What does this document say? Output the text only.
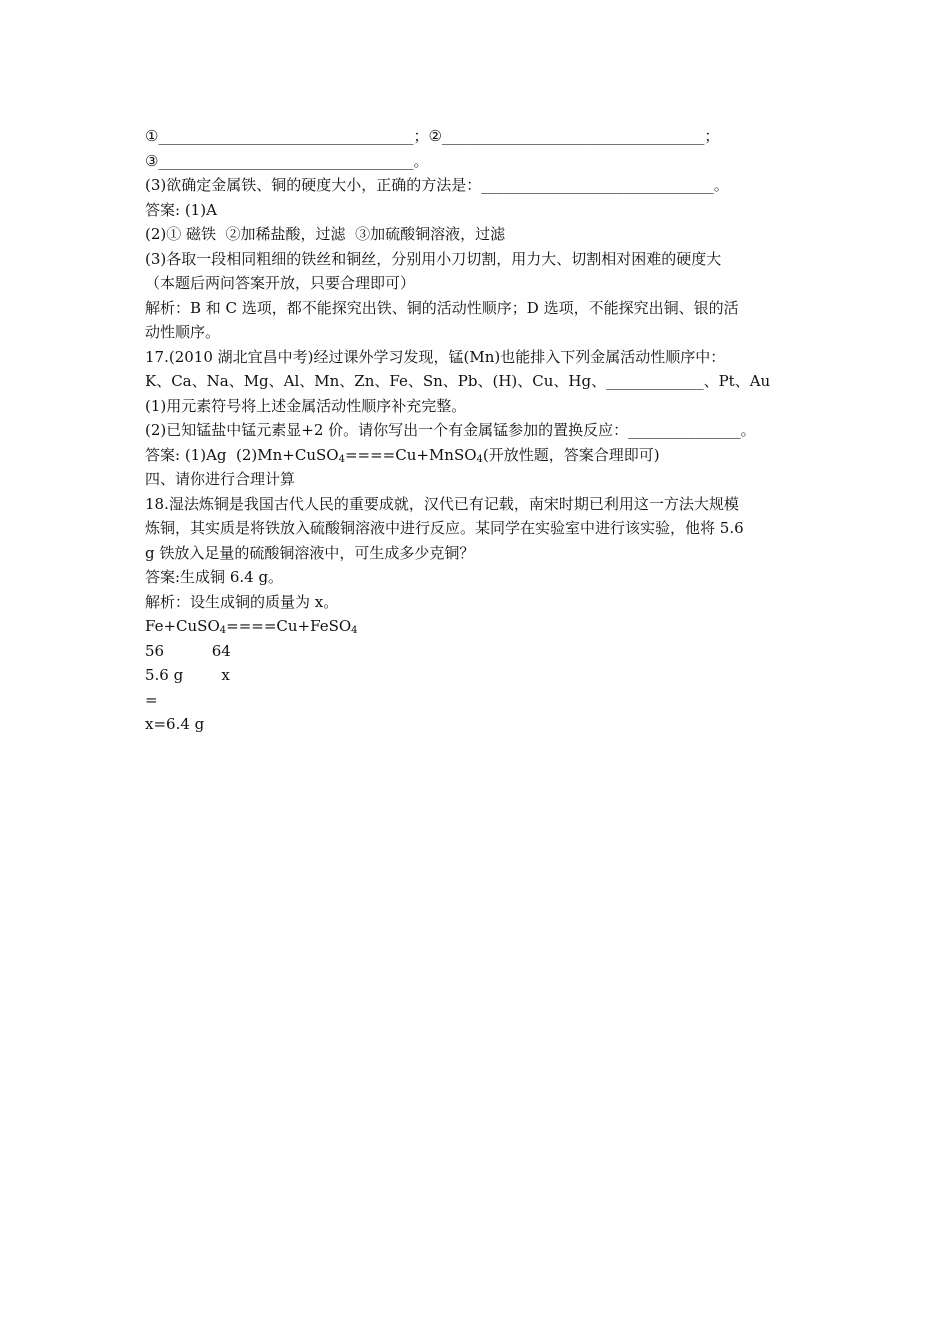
①__________________________________；②___________________________________；
③__________________________________。
(3)欲确定金属铁、铜的硬度大小，正确的方法是：_______________________________。
答案: (1)A
(2)① 磁铁  ②加稀盐酸，过滤  ③加硫酸铜溶液，过滤
(3)各取一段相同粗细的铁丝和铜丝，分别用小刀切割，用力大、切割相对困难的硬度大
（本题后两问答案开放，只要合理即可）
解析：B 和 C 选项，都不能探究出铁、铜的活动性顺序；D 选项，不能探究出铜、银的活
动性顺序。
17.(2010 湖北宜昌中考)经过课外学习发现，锰(Mn)也能排入下列金属活动性顺序中：
K、Ca、Na、Mg、Al、Mn、Zn、Fe、Sn、Pb、(H)、Cu、Hg、_____________、Pt、Au
(1)用元素符号将上述金属活动性顺序补充完整。
(2)已知锰盐中锰元素显+2 价。请你写出一个有金属锰参加的置换反应：_______________。
答案: (1)Ag  (2)Mn+CuSO$_4$====Cu+MnSO$_4$(开放性题，答案合理即可)
四、请你进行合理计算
18.湿法炼铜是我国古代人民的重要成就，汉代已有记载，南宋时期已利用这一方法大规模
炼铜，其实质是将铁放入硫酸铜溶液中进行反应。某同学在实验室中进行该实验，他将 5.6
g 铁放入足量的硫酸铜溶液中，可生成多少克铜？
答案:生成铜 6.4 g。
解析：设生成铜的质量为 x。
Fe+CuSO$_4$====Cu+FeSO$_4$
56          64
5.6 g        x
=
x=6.4 g
